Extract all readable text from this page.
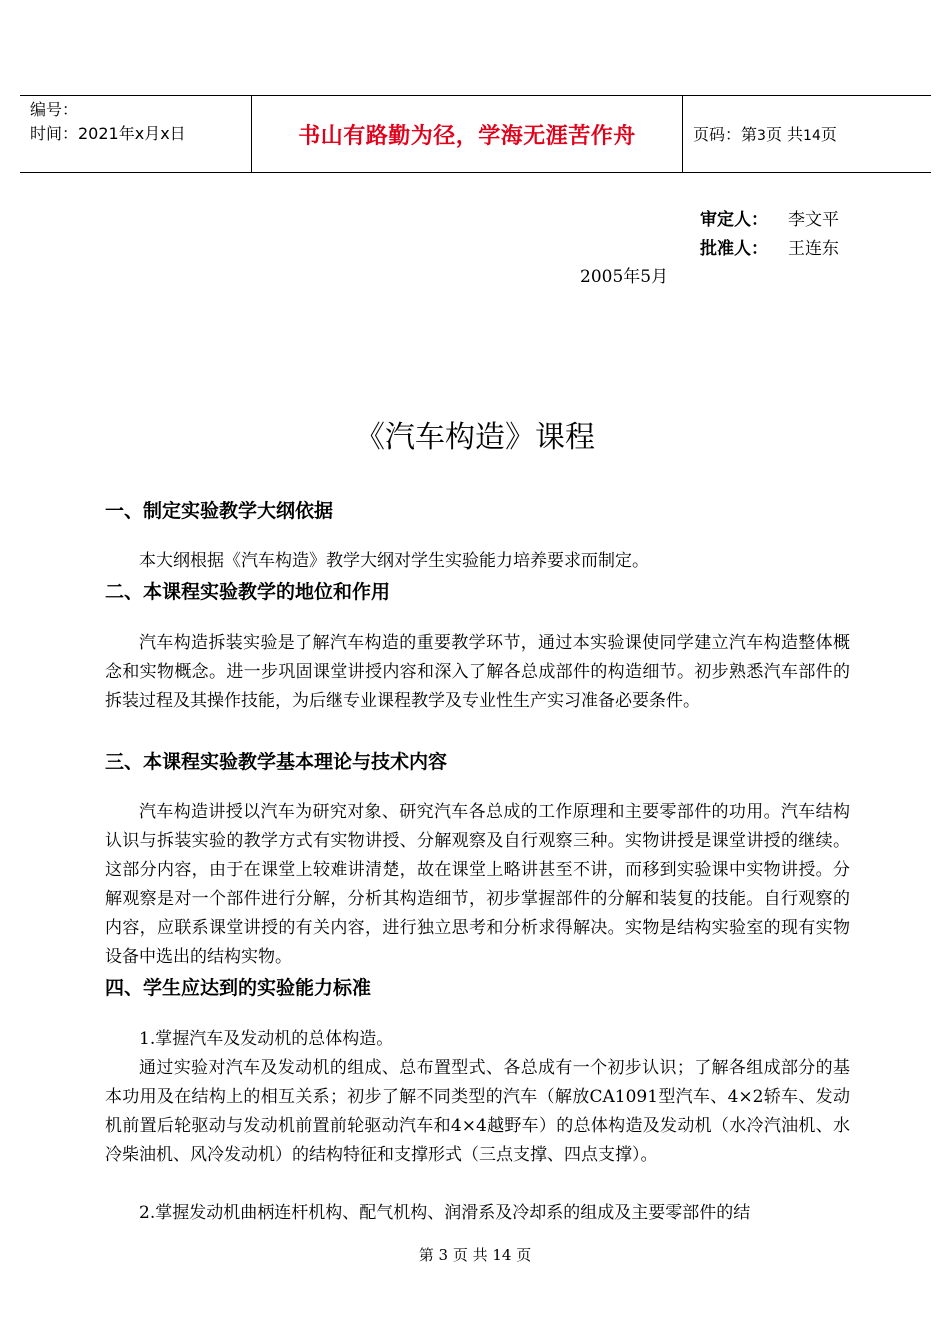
编号：
时间：2021年x月x日	书山有路勤为径，学海无涯苦作舟	页码：第3页 共14页
审定人： 李文平
批准人： 王连东
2005年5月
《汽车构造》课程
一、制定实验教学大纲依据
本大纲根据《汽车构造》教学大纲对学生实验能力培养要求而制定。
二、本课程实验教学的地位和作用
汽车构造拆装实验是了解汽车构造的重要教学环节，通过本实验课使同学建立汽车构造整体概念和实物概念。进一步巩固课堂讲授内容和深入了解各总成部件的构造细节。初步熟悉汽车部件的拆装过程及其操作技能，为后继专业课程教学及专业性生产实习准备必要条件。
三、本课程实验教学基本理论与技术内容
汽车构造讲授以汽车为研究对象、研究汽车各总成的工作原理和主要零部件的功用。汽车结构认识与拆装实验的教学方式有实物讲授、分解观察及自行观察三种。实物讲授是课堂讲授的继续。这部分内容，由于在课堂上较难讲清楚，故在课堂上略讲甚至不讲，而移到实验课中实物讲授。分解观察是对一个部件进行分解，分析其构造细节，初步掌握部件的分解和装复的技能。自行观察的内容，应联系课堂讲授的有关内容，进行独立思考和分析求得解决。实物是结构实验室的现有实物设备中选出的结构实物。
四、学生应达到的实验能力标准
1.掌握汽车及发动机的总体构造。
通过实验对汽车及发动机的组成、总布置型式、各总成有一个初步认识；了解各组成部分的基本功用及在结构上的相互关系；初步了解不同类型的汽车（解放CA1091型汽车、4×2轿车、发动机前置后轮驱动与发动机前置前轮驱动汽车和4×4越野车）的总体构造及发动机（水冷汽油机、水冷柴油机、风冷发动机）的结构特征和支撑形式（三点支撑、四点支撑）。
2.掌握发动机曲柄连杆机构、配气机构、润滑系及冷却系的组成及主要零部件的结
第 3 页 共 14 页
